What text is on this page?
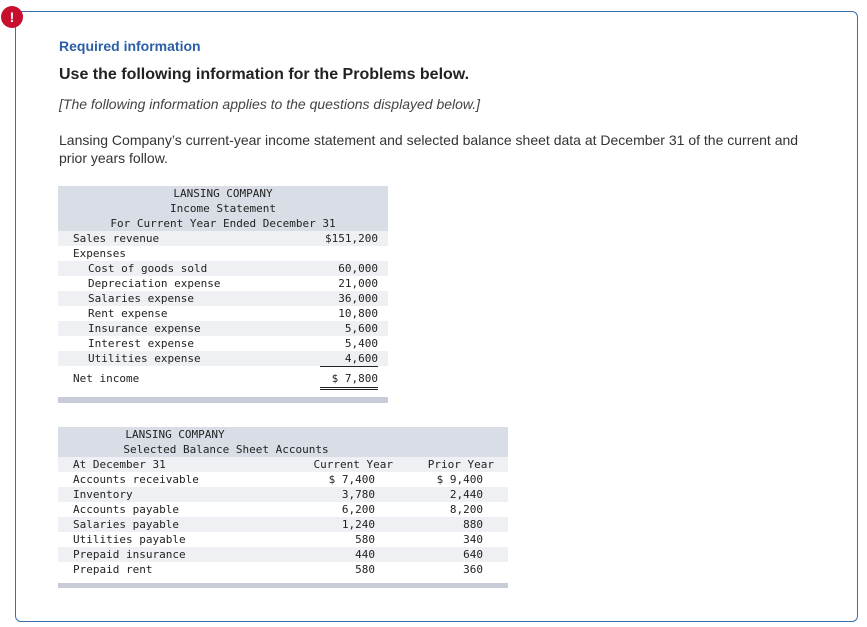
!
Required information
Use the following information for the Problems below.
[The following information applies to the questions displayed below.]
Lansing Company’s current-year income statement and selected balance sheet data at December 31 of the current and prior years follow.
LANSING COMPANY
Income Statement
For Current Year Ended December 31
Sales revenue	$151,200
Expenses
Cost of goods sold	60,000
Depreciation expense	21,000
Salaries expense	36,000
Rent expense	10,800
Insurance expense	5,600
Interest expense	5,400
Utilities expense	4,600
Net income	$ 7,800
LANSING COMPANY
Selected Balance Sheet Accounts
At December 31	Current Year	Prior Year
Accounts receivable	$ 7,400	$ 9,400
Inventory	3,780	2,440
Accounts payable	6,200	8,200
Salaries payable	1,240	880
Utilities payable	580	340
Prepaid insurance	440	640
Prepaid rent	580	360
